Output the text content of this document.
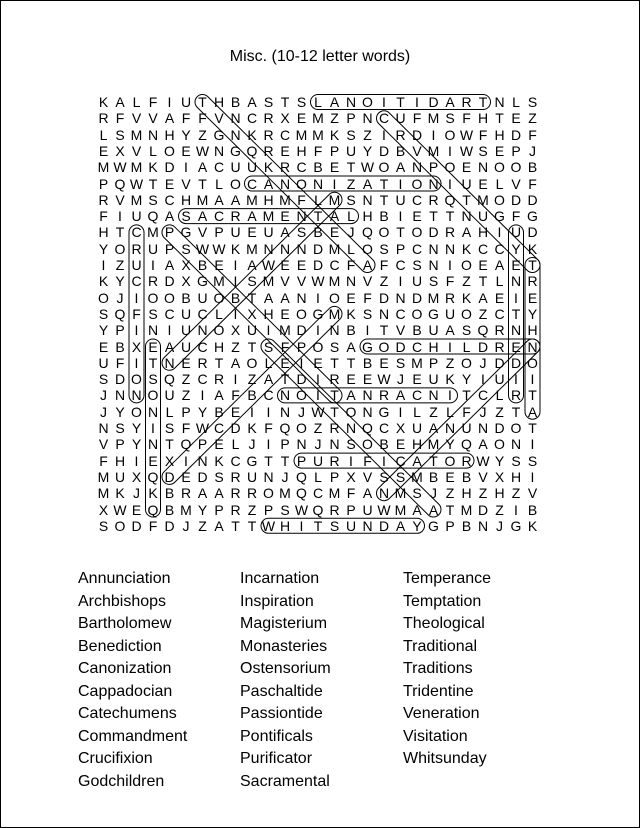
Misc. (10-12 letter words)
K A L F I U T H B A S T S L A N O I T I D A R T N L S
R F V V A F F V N C R X E M Z P N C U F M S F H T E Z
L S M N H Y Z G N K R C M M K S Z I R D I O W F H D F
E X V L O E W N G Q R E H F P U Y D B V M I W S E P J
M W M K D I A C U U K R C B E T W O A N P O E N O O B
P Q W T E V T L O C A N O N I Z A T I O N I U E L V F
R V M S C H M A A M H M F L M S N T U C R Q T M O D D
F I U Q A S A C R A M E N T A L H B I E T T N U G F G
H T C M P G V P U E U A S B E J Q O T O D R A H I U D
Y O R U P S W W K M N N N D M L O S P C N N K C C Y K
I Z U I A X B E I A W E E D C F A F C S N I O E A E T
K Y C R D X G M I S M V V W M N V Z I U S F Z T L N R
O J I O O B U O B T A A N I O E F D N D M R K A E I E
S Q F S C U C L I X H E O G M K S N C O G U O Z C T Y
Y P I N I U N O X U I M D I N B I T V B U A S Q R N H
E B X E A U C H Z T S F P O S A G O D C H I L D R E N
U F I T N E R T A O L E I E T T B E S M P Z O J D D O
S D O S Q Z C R I Z A T D I R E E W J E U K Y I U I I
J N N O U Z I A F B C N O I T A N R A C N I T C L R T
J Y O N L P Y B E I I N J W T O N G I L Z L F J Z T A
N S Y I S F W C D K F Q O Z R N Q C X U A N U N D O T
V P Y N T Q P E L J I P N J N S O B E H M Y Q A O N I
F H I E X I N K C G T T P U R I F I C A T O R W Y S S
M U X Q D E D S R U N J Q L P X V S S M B E B V X H I
M K J K B R A A R R O M Q C M F A N M S J Z H Z H Z V
X W E Q B M Y P R Z P S W Q R P U W M A A T M D Z I B
S O D F D J Z A T T W H I T S U N D A Y G P B N J G K
Annunciation
Archbishops
Bartholomew
Benediction
Canonization
Cappadocian
Catechumens
Commandment
Crucifixion
Godchildren
Incarnation
Inspiration
Magisterium
Monasteries
Ostensorium
Paschaltide
Passiontide
Pontificals
Purificator
Sacramental
Temperance
Temptation
Theological
Traditional
Traditions
Tridentine
Veneration
Visitation
Whitsunday
